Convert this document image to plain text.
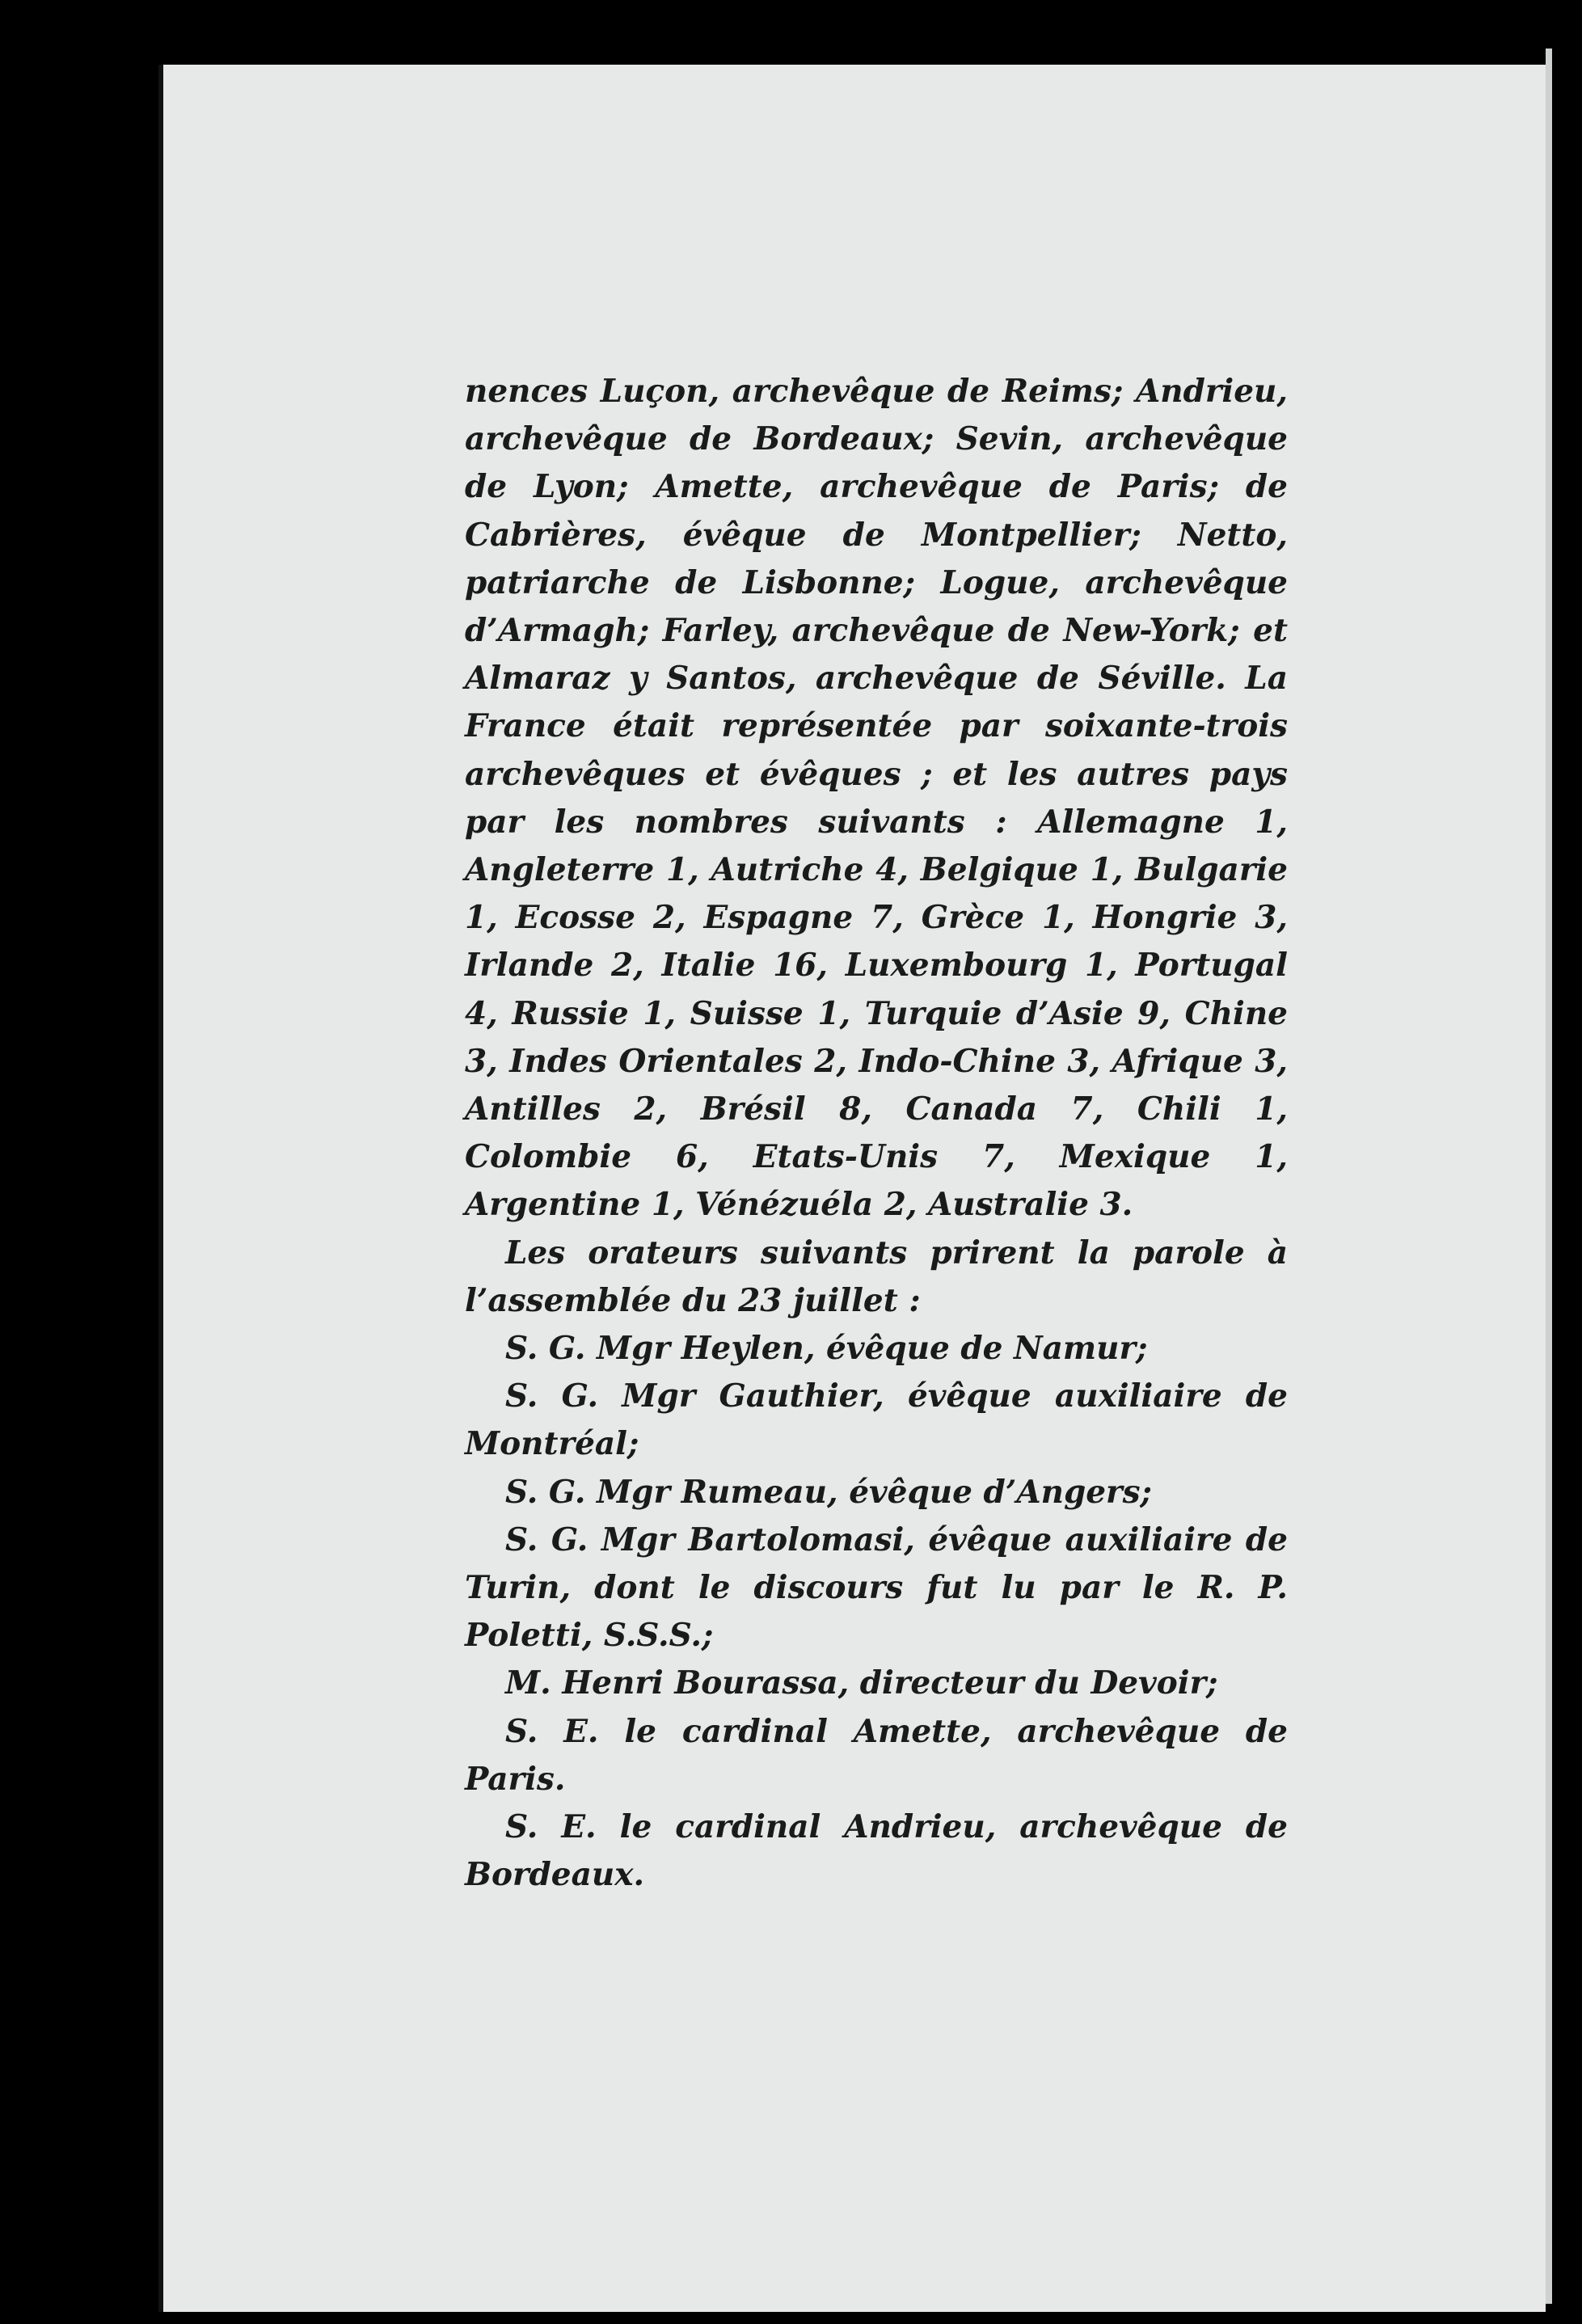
nences Luçon, archevêque de Reims; Andrieu, archevêque de Bordeaux; Sevin, archevêque de Lyon; Amette, archevêque de Paris; de Cabrières, évêque de Montpellier; Netto, patriarche de Lisbonne; Logue, archevêque d’Armagh; Farley, archevêque de New-York; et Almaraz y Santos, archevêque de Séville. La France était représentée par soixante-trois archevêques et évêques ; et les autres pays par les nombres suivants : Allemagne 1, Angleterre 1, Autriche 4, Belgique 1, Bulgarie 1, Ecosse 2, Espagne 7, Grèce 1, Hongrie 3, Irlande 2, Italie 16, Luxembourg 1, Portugal 4, Russie 1, Suisse 1, Turquie d’Asie 9, Chine 3, Indes Orientales 2, Indo-Chine 3, Afrique 3, Antilles 2, Brésil 8, Canada 7, Chili 1, Colombie 6, Etats-Unis 7, Mexique 1, Argentine 1, Vénézuéla 2, Australie 3.

Les orateurs suivants prirent la parole à l’assemblée du 23 juillet :

S. G. Mgr Heylen, évêque de Namur;

S. G. Mgr Gauthier, évêque auxiliaire de Montréal;

S. G. Mgr Rumeau, évêque d’Angers;

S. G. Mgr Bartolomasi, évêque auxiliaire de Turin, dont le discours fut lu par le R. P. Poletti, S.S.S.;

M. Henri Bourassa, directeur du Devoir;

S. E. le cardinal Amette, archevêque de Paris.

S. E. le cardinal Andrieu, archevêque de Bordeaux.
